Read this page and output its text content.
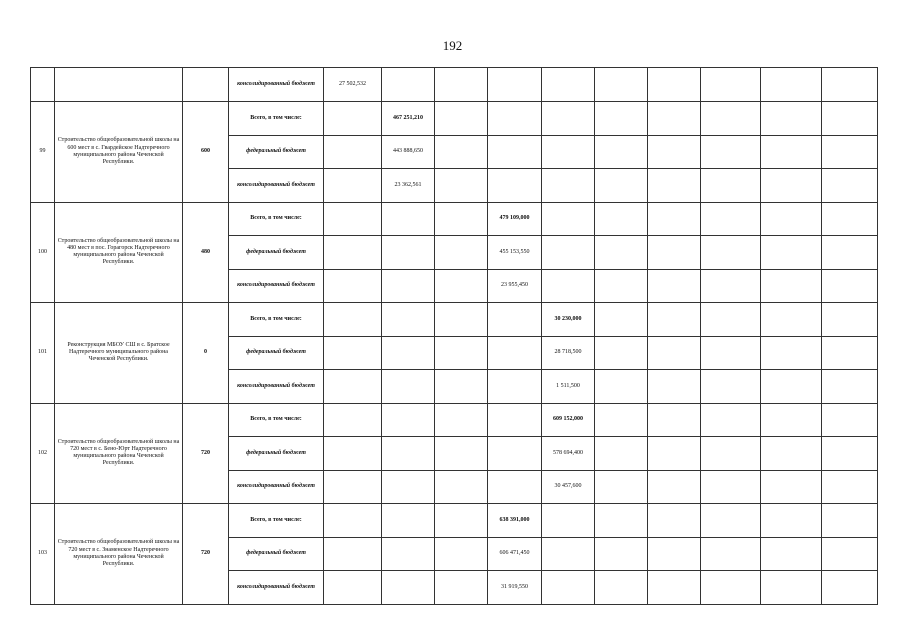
192
			консолидированный бюджет	27 502,532									
99	Строительство общеобразовательной школы на 600 мест в с. Гвардейское Надтеречного муниципального района Чеченской Республики.	600	Всего, в том числе:		467 251,210								
			федеральный бюджет		443 888,650								
			консолидированный бюджет		23 362,561								
100	Строительство общеобразовательной школы на 480 мест в пос. Горагорск Надтеречного муниципального района Чеченской Республики.	480	Всего, в том числе:				479 109,000						
			федеральный бюджет				455 153,550						
			консолидированный бюджет				23 955,450						
101	Реконструкция МБОУ СШ в с. Братское Надтеречного муниципального района Чеченской Республики.	0	Всего, в том числе:					30 230,000					
			федеральный бюджет					28 718,500					
			консолидированный бюджет					1 511,500					
102	Строительство общеобразовательной школы на 720 мест в с. Бено-Юрт Надтеречного муниципального района Чеченской Республики.	720	Всего, в том числе:					609 152,000					
			федеральный бюджет					578 694,400					
			консолидированный бюджет					30 457,600					
103	Строительство общеобразовательной школы на 720 мест в с. Знаменское Надтеречного муниципального района Чеченской Республики.	720	Всего, в том числе:				638 391,000						
			федеральный бюджет				606 471,450						
			консолидированный бюджет				31 919,550						
